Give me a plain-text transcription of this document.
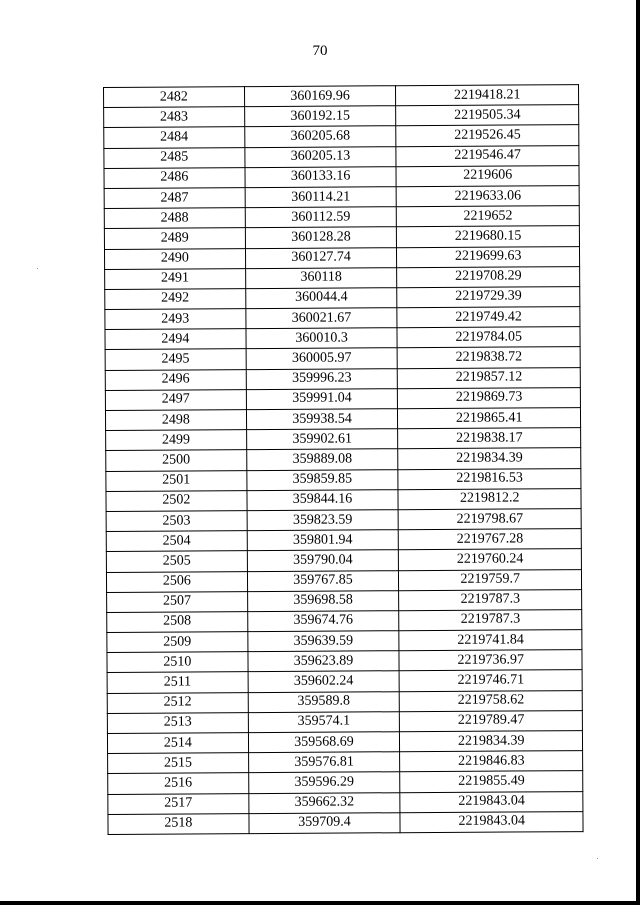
70
2482	360169.96	2219418.21
2483	360192.15	2219505.34
2484	360205.68	2219526.45
2485	360205.13	2219546.47
2486	360133.16	2219606
2487	360114.21	2219633.06
2488	360112.59	2219652
2489	360128.28	2219680.15
2490	360127.74	2219699.63
2491	360118	2219708.29
2492	360044.4	2219729.39
2493	360021.67	2219749.42
2494	360010.3	2219784.05
2495	360005.97	2219838.72
2496	359996.23	2219857.12
2497	359991.04	2219869.73
2498	359938.54	2219865.41
2499	359902.61	2219838.17
2500	359889.08	2219834.39
2501	359859.85	2219816.53
2502	359844.16	2219812.2
2503	359823.59	2219798.67
2504	359801.94	2219767.28
2505	359790.04	2219760.24
2506	359767.85	2219759.7
2507	359698.58	2219787.3
2508	359674.76	2219787.3
2509	359639.59	2219741.84
2510	359623.89	2219736.97
2511	359602.24	2219746.71
2512	359589.8	2219758.62
2513	359574.1	2219789.47
2514	359568.69	2219834.39
2515	359576.81	2219846.83
2516	359596.29	2219855.49
2517	359662.32	2219843.04
2518	359709.4	2219843.04
